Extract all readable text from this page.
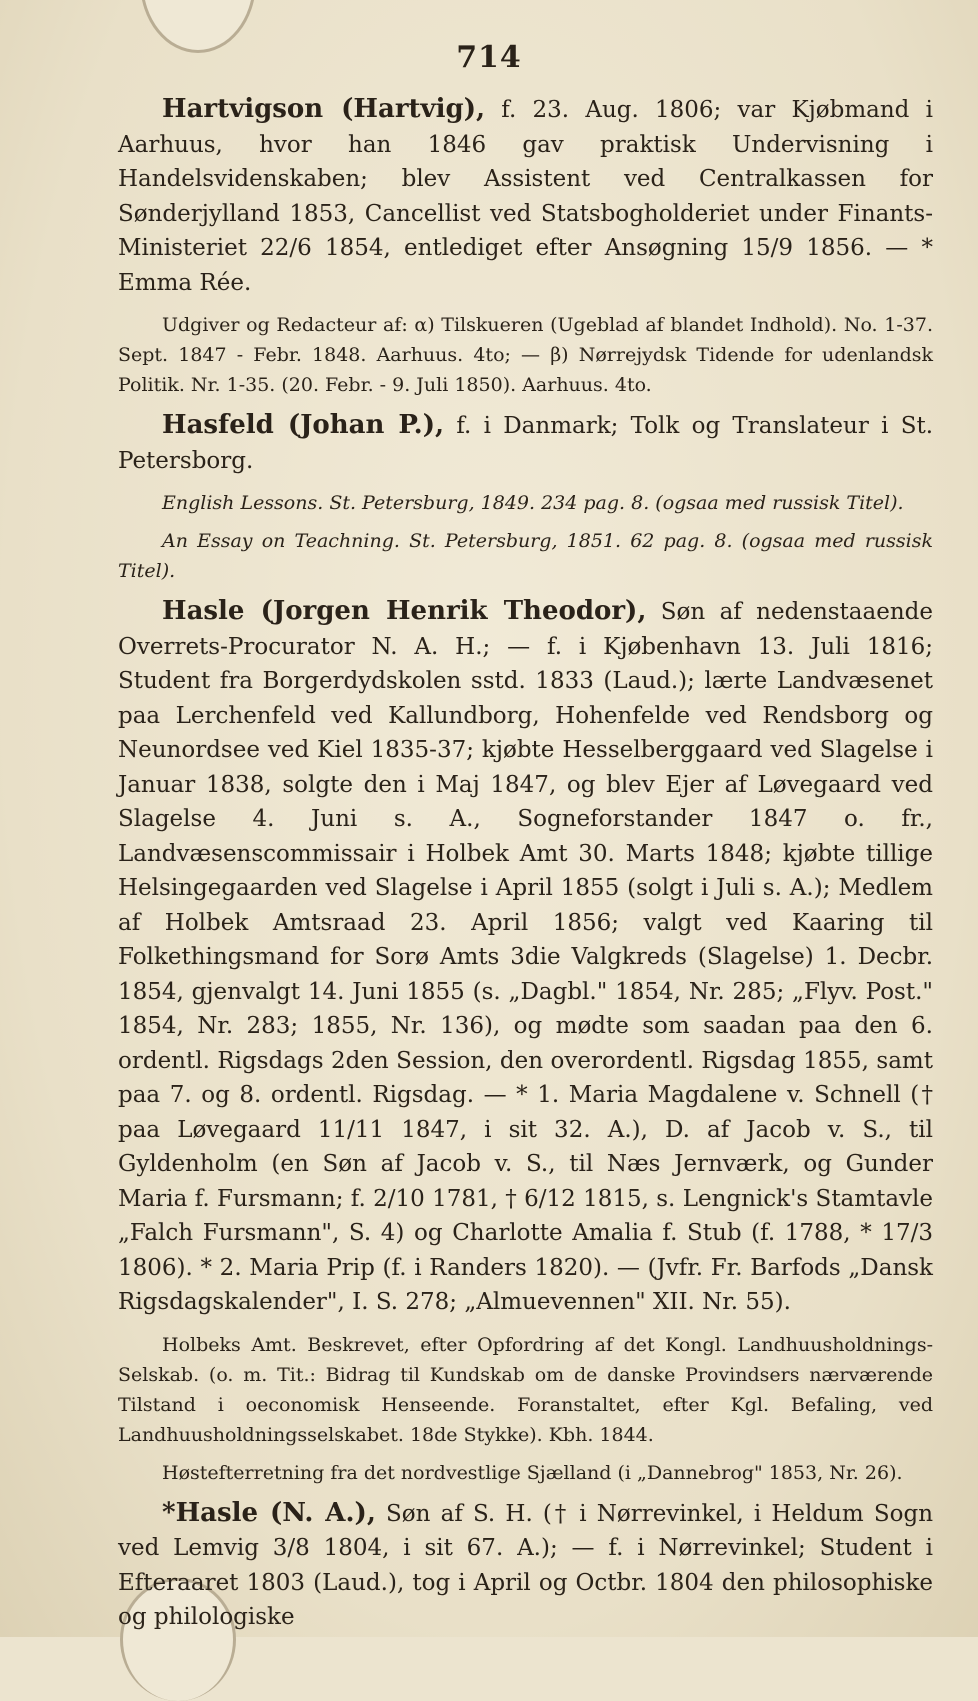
714

Hartvigson (Hartvig), f. 23. Aug. 1806; var Kjøbmand i Aarhuus, hvor han 1846 gav praktisk Undervisning i Handelsvidenskaben; blev Assistent ved Centralkassen for Sønderjylland 1853, Cancellist ved Statsbogholderiet under Finants-Ministeriet 22/6 1854, entlediget efter Ansøgning 15/9 1856. — * Emma Rée.

Udgiver og Redacteur af: α) Tilskueren (Ugeblad af blandet Indhold). No. 1-37. Sept. 1847 - Febr. 1848. Aarhuus. 4to; — β) Nørrejydsk Tidende for udenlandsk Politik. Nr. 1-35. (20. Febr. - 9. Juli 1850). Aarhuus. 4to.

Hasfeld (Johan P.), f. i Danmark; Tolk og Translateur i St. Petersborg.

English Lessons. St. Petersburg, 1849. 234 pag. 8. (ogsaa med russisk Titel).

An Essay on Teachning. St. Petersburg, 1851. 62 pag. 8. (ogsaa med russisk Titel).

Hasle (Jorgen Henrik Theodor), Søn af nedenstaaende Overrets-Procurator N. A. H.; — f. i Kjøbenhavn 13. Juli 1816; Student fra Borgerdydskolen sstd. 1833 (Laud.); lærte Landvæsenet paa Lerchenfeld ved Kallundborg, Hohenfelde ved Rendsborg og Neunordsee ved Kiel 1835-37; kjøbte Hesselberggaard ved Slagelse i Januar 1838, solgte den i Maj 1847, og blev Ejer af Løvegaard ved Slagelse 4. Juni s. A., Sogneforstander 1847 o. fr., Landvæsenscommissair i Holbek Amt 30. Marts 1848; kjøbte tillige Helsingegaarden ved Slagelse i April 1855 (solgt i Juli s. A.); Medlem af Holbek Amtsraad 23. April 1856; valgt ved Kaaring til Folkethingsmand for Sorø Amts 3die Valgkreds (Slagelse) 1. Decbr. 1854, gjenvalgt 14. Juni 1855 (s. „Dagbl." 1854, Nr. 285; „Flyv. Post." 1854, Nr. 283; 1855, Nr. 136), og mødte som saadan paa den 6. ordentl. Rigsdags 2den Session, den overordentl. Rigsdag 1855, samt paa 7. og 8. ordentl. Rigsdag. — * 1. Maria Magdalene v. Schnell († paa Løvegaard 11/11 1847, i sit 32. A.), D. af Jacob v. S., til Gyldenholm (en Søn af Jacob v. S., til Næs Jernværk, og Gunder Maria f. Fursmann; f. 2/10 1781, † 6/12 1815, s. Lengnick's Stamtavle „Falch Fursmann", S. 4) og Charlotte Amalia f. Stub (f. 1788, * 17/3 1806). * 2. Maria Prip (f. i Randers 1820). — (Jvfr. Fr. Barfods „Dansk Rigsdagskalender", I. S. 278; „Almuevennen" XII. Nr. 55).

Holbeks Amt. Beskrevet, efter Opfordring af det Kongl. Landhuusholdnings-Selskab. (o. m. Tit.: Bidrag til Kundskab om de danske Provindsers nærværende Tilstand i oeconomisk Henseende. Foranstaltet, efter Kgl. Befaling, ved Landhuusholdningsselskabet. 18de Stykke). Kbh. 1844.

Høstefterretning fra det nordvestlige Sjælland (i „Dannebrog" 1853, Nr. 26).

*Hasle (N. A.), Søn af S. H. († i Nørrevinkel, i Heldum Sogn ved Lemvig 3/8 1804, i sit 67. A.); — f. i Nørrevinkel; Student i Efteraaret 1803 (Laud.), tog i April og Octbr. 1804 den philosophiske og philologiske
